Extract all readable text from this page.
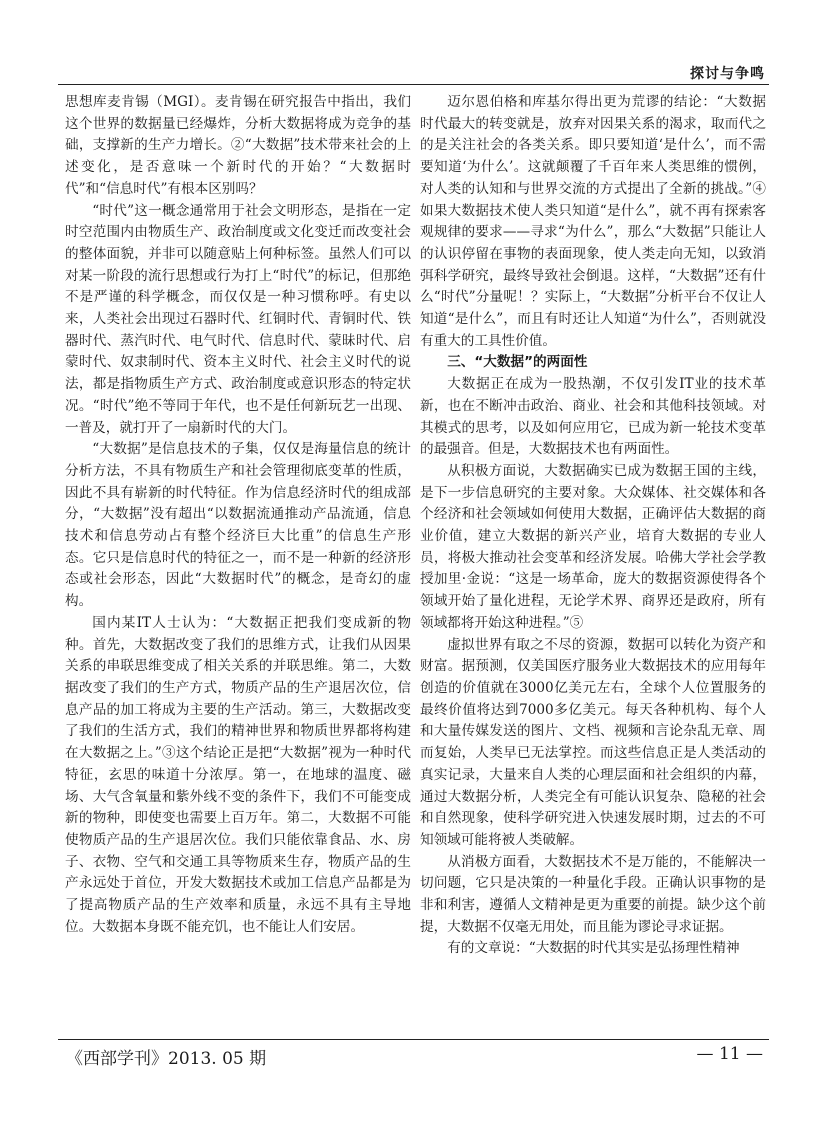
探讨与争鸣

思想库麦肯锡（MGI）。麦肯锡在研究报告中指出，我们这个世界的数据量已经爆炸，分析大数据将成为竞争的基础，支撑新的生产力增长。②“大数据”技术带来社会的上述变化，是否意味一个新时代的开始？“大数据时代”和“信息时代”有根本区别吗？

“时代”这一概念通常用于社会文明形态，是指在一定时空范围内由物质生产、政治制度或文化变迁而改变社会的整体面貌，并非可以随意贴上何种标签。虽然人们可以对某一阶段的流行思想或行为打上“时代”的标记，但那绝不是严谨的科学概念，而仅仅是一种习惯称呼。有史以来，人类社会出现过石器时代、红铜时代、青铜时代、铁器时代、蒸汽时代、电气时代、信息时代、蒙昧时代、启蒙时代、奴隶制时代、资本主义时代、社会主义时代的说法，都是指物质生产方式、政治制度或意识形态的特定状况。“时代”绝不等同于年代，也不是任何新玩艺一出现、一普及，就打开了一扇新时代的大门。

“大数据”是信息技术的子集，仅仅是海量信息的统计分析方法，不具有物质生产和社会管理彻底变革的性质，因此不具有崭新的时代特征。作为信息经济时代的组成部分，“大数据”没有超出“以数据流通推动产品流通，信息技术和信息劳动占有整个经济巨大比重”的信息生产形态。它只是信息时代的特征之一，而不是一种新的经济形态或社会形态，因此“大数据时代”的概念，是奇幻的虚构。

国内某IT人士认为：“大数据正把我们变成新的物种。首先，大数据改变了我们的思维方式，让我们从因果关系的串联思维变成了相关关系的并联思维。第二，大数据改变了我们的生产方式，物质产品的生产退居次位，信息产品的加工将成为主要的生产活动。第三，大数据改变了我们的生活方式，我们的精神世界和物质世界都将构建在大数据之上。”③这个结论正是把“大数据”视为一种时代特征，玄思的味道十分浓厚。第一，在地球的温度、磁场、大气含氧量和紫外线不变的条件下，我们不可能变成新的物种，即使变也需要上百万年。第二，大数据不可能使物质产品的生产退居次位。我们只能依靠食品、水、房子、衣物、空气和交通工具等物质来生存，物质产品的生产永远处于首位，开发大数据技术或加工信息产品都是为了提高物质产品的生产效率和质量，永远不具有主导地位。大数据本身既不能充饥，也不能让人们安居。

迈尔恩伯格和库基尔得出更为荒谬的结论：“大数据时代最大的转变就是，放弃对因果关系的渴求，取而代之的是关注社会的各类关系。即只要知道‘是什么’，而不需要知道‘为什么’。这就颠覆了千百年来人类思维的惯例，对人类的认知和与世界交流的方式提出了全新的挑战。”④如果大数据技术使人类只知道“是什么”，就不再有探索客观规律的要求——寻求“为什么”，那么“大数据”只能让人的认识停留在事物的表面现象，使人类走向无知，以致消弭科学研究，最终导致社会倒退。这样，“大数据”还有什么“时代”分量呢！？实际上，“大数据”分析平台不仅让人知道“是什么”，而且有时还让人知道“为什么”，否则就没有重大的工具性价值。

三、“大数据”的两面性

大数据正在成为一股热潮，不仅引发IT业的技术革新，也在不断冲击政治、商业、社会和其他科技领域。对其模式的思考，以及如何应用它，已成为新一轮技术变革的最强音。但是，大数据技术也有两面性。

从积极方面说，大数据确实已成为数据王国的主线，是下一步信息研究的主要对象。大众媒体、社交媒体和各个经济和社会领域如何使用大数据，正确评估大数据的商业价值，建立大数据的新兴产业，培育大数据的专业人员，将极大推动社会变革和经济发展。哈佛大学社会学教授加里·金说：“这是一场革命，庞大的数据资源使得各个领域开始了量化进程，无论学术界、商界还是政府，所有领域都将开始这种进程。”⑤

虚拟世界有取之不尽的资源，数据可以转化为资产和财富。据预测，仅美国医疗服务业大数据技术的应用每年创造的价值就在3000亿美元左右，全球个人位置服务的最终价值将达到7000多亿美元。每天各种机构、每个人和大量传媒发送的图片、文档、视频和言论杂乱无章、周而复始，人类早已无法掌控。而这些信息正是人类活动的真实记录，大量来自人类的心理层面和社会组织的内幕，通过大数据分析，人类完全有可能认识复杂、隐秘的社会和自然现象，使科学研究进入快速发展时期，过去的不可知领域可能将被人类破解。

从消极方面看，大数据技术不是万能的，不能解决一切问题，它只是决策的一种量化手段。正确认识事物的是非和利害，遵循人文精神是更为重要的前提。缺少这个前提，大数据不仅毫无用处，而且能为谬论寻求证据。

有的文章说：“大数据的时代其实是弘扬理性精神

《西部学刊》2013. 05 期	— 11 —
